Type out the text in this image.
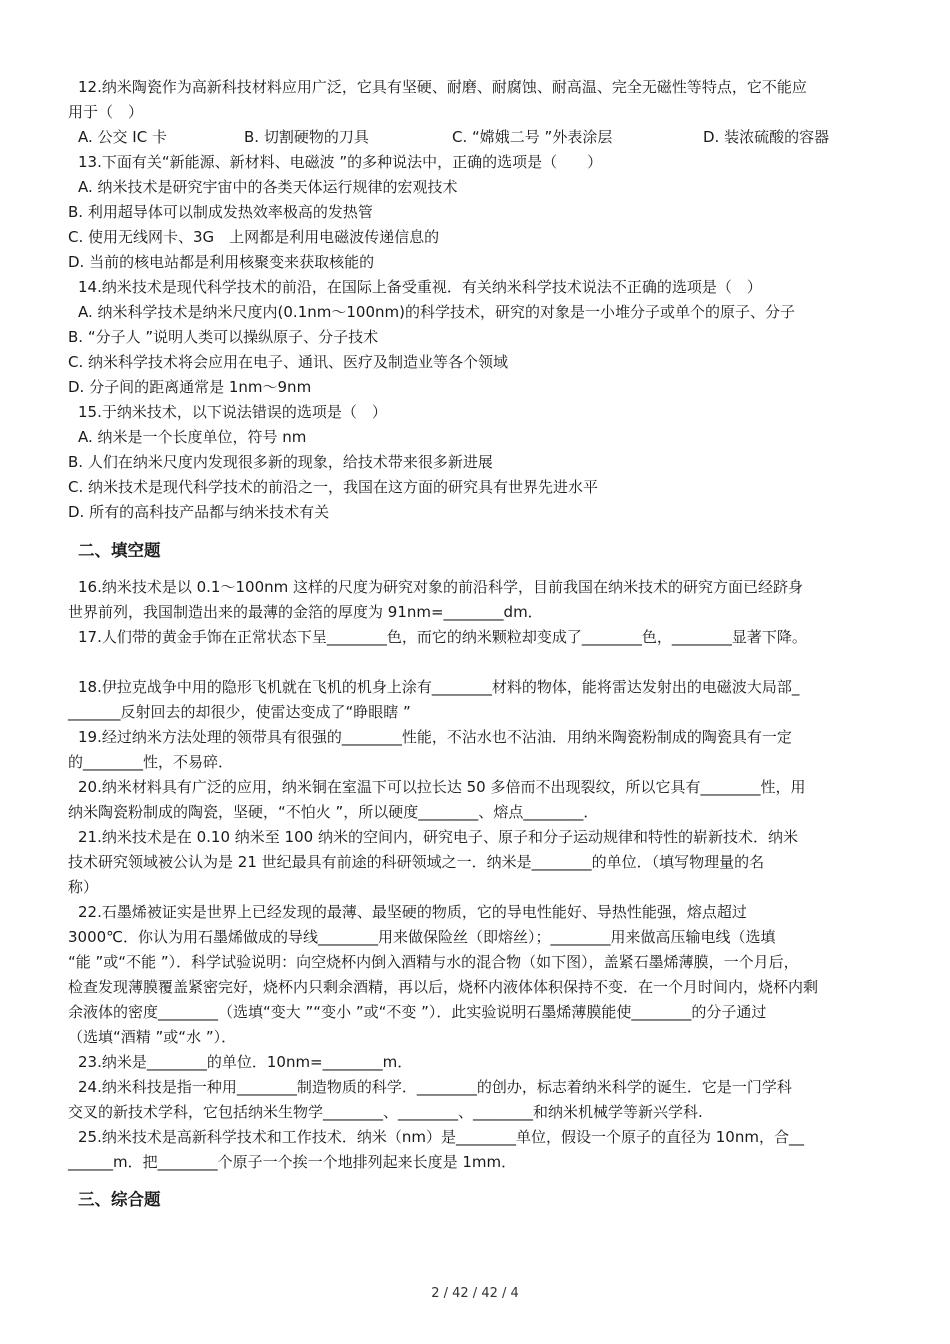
12.纳米陶瓷作为高新科技材料应用广泛，它具有坚硬、耐磨、耐腐蚀、耐高温、完全无磁性等特点，它不能应
用于（　）
A. 公交 IC 卡	B. 切割硬物的刀具	C. “嫦娥二号 ”外表涂层	D. 装浓硫酸的容器
13.下面有关“新能源、新材料、电磁波 ”的多种说法中，正确的选项是（　　）
A. 纳米技术是研究宇宙中的各类天体运行规律的宏观技术
B. 利用超导体可以制成发热效率极高的发热管
C. 使用无线网卡、3G　上网都是利用电磁波传递信息的
D. 当前的核电站都是利用核聚变来获取核能的
14.纳米技术是现代科学技术的前沿，在国际上备受重视．有关纳米科学技术说法不正确的选项是（　）
A. 纳米科学技术是纳米尺度内(0.1nm～100nm)的科学技术，研究的对象是一小堆分子或单个的原子、分子
B. “分子人 ”说明人类可以操纵原子、分子技术
C. 纳米科学技术将会应用在电子、通讯、医疗及制造业等各个领域
D. 分子间的距离通常是 1nm～9nm
15.于纳米技术，以下说法错误的选项是（　）
A. 纳米是一个长度单位，符号 nm
B. 人们在纳米尺度内发现很多新的现象，给技术带来很多新进展
C. 纳米技术是现代科学技术的前沿之一，我国在这方面的研究具有世界先进水平
D. 所有的高科技产品都与纳米技术有关
二、填空题
16.纳米技术是以 0.1～100nm 这样的尺度为研究对象的前沿科学，目前我国在纳米技术的研究方面已经跻身
世界前列，我国制造出来的最薄的金箔的厚度为 91nm=________dm．
17.人们带的黄金手饰在正常状态下呈________色，而它的纳米颗粒却变成了________色，________显著下降。
18.伊拉克战争中用的隐形飞机就在飞机的机身上涂有________材料的物体，能将雷达发射出的电磁波大局部_
_______反射回去的却很少，使雷达变成了“睁眼瞎 ”
19.经过纳米方法处理的领带具有很强的________性能，不沾水也不沾油．用纳米陶瓷粉制成的陶瓷具有一定
的________性，不易碎．
20.纳米材料具有广泛的应用，纳米铜在室温下可以拉长达 50 多倍而不出现裂纹，所以它具有________性，用
纳米陶瓷粉制成的陶瓷，坚硬，“不怕火 ”，所以硬度________、熔点________．
21.纳米技术是在 0.10 纳米至 100 纳米的空间内，研究电子、原子和分子运动规律和特性的崭新技术．纳米
技术研究领域被公认为是 21 世纪最具有前途的科研领域之一．纳米是________的单位．（填写物理量的名
称）
22.石墨烯被证实是世界上已经发现的最薄、最坚硬的物质，它的导电性能好、导热性能强，熔点超过
3000℃．你认为用石墨烯做成的导线________用来做保险丝（即熔丝）；________用来做高压输电线（选填
“能 ”或“不能 ”）．科学试验说明：向空烧杯内倒入酒精与水的混合物（如下图），盖紧石墨烯薄膜，一个月后，
检查发现薄膜覆盖紧密完好，烧杯内只剩余酒精，再以后，烧杯内液体体积保持不变．在一个月时间内，烧杯内剩
余液体的密度________（选填“变大 ”“变小 ”或“不变 ”）．此实验说明石墨烯薄膜能使________的分子通过
（选填“酒精 ”或“水 ”）．
23.纳米是________的单位．10nm=________m．
24.纳米科技是指一种用________制造物质的科学．________的创办，标志着纳米科学的诞生．它是一门学科
交叉的新技术学科，它包括纳米生物学________、________、________和纳米机械学等新兴学科.
25.纳米技术是高新科学技术和工作技术．纳米（nm）是________单位，假设一个原子的直径为 10nm，合__
______m．把________个原子一个挨一个地排列起来长度是 1mm．
三、综合题
2 / 42 / 42 / 4
